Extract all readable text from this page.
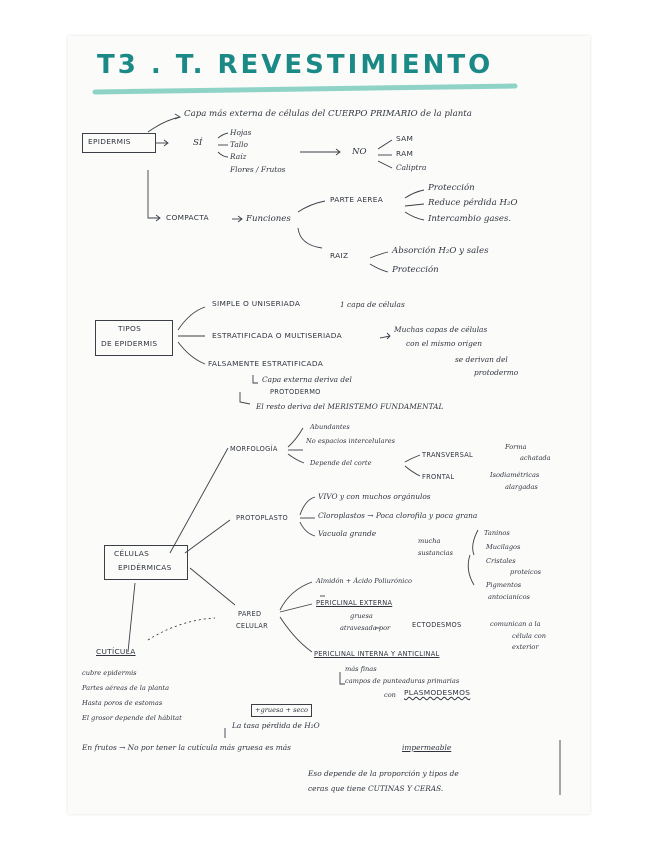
T3 . T. REVESTIMIENTO
EPIDERMIS
Capa más externa de células del CUERPO PRIMARIO de la planta
SÍ
Hojas
Tallo
Raíz
Flores / Frutos
NO
SAM
RAM
Caliptra
COMPACTA	Funciones
PARTE AEREA
Protección
Reduce pérdida H₂O
Intercambio gases.
RAIZ	Absorción H₂O y sales
Protección
TIPOS
DE EPIDERMIS
SIMPLE O UNISERIADA	1 capa de células
ESTRATIFICADA O MULTISERIADA
Muchas capas de células
con el mismo origen
se derivan del
protodermo
FALSAMENTE ESTRATIFICADA
Capa externa deriva del
PROTODERMO
El resto deriva del MERISTEMO FUNDAMENTAL
CÉLULAS
EPIDÉRMICAS
MORFOLOGÍA
Abundantes
No espacios intercelulares
Depende del corte
TRANSVERSAL
Forma
achatada
FRONTAL	Isodiamétricas
alargadas
PROTOPLASTO
VIVO y con muchos orgánulos
Cloroplastos → Poca clorofila y poca grana
Vacuola grande
mucha
sustancias
Taninos
Mucilagos
Cristales
proteicos
Pigmentos
antocianicos
PARED
CELULAR
Almidón + Ácido Poliurónico
PERICLINAL EXTERNA
gruesa
atravesada por	ECTODESMOS	comunican a la
célula con
exterior
PERICLINAL INTERNA Y ANTICLINAL
más finas
campos de punteaduras primarias
con PLASMODESMOS
CUTÍCULA
cubre epidermis
Partes aéreas de la planta
Hasta poros de estomas
El grosor depende del hábitat
+gruesa + seco
La tasa pérdida de H₂O
En frutos → No por tener la cutícula más gruesa es más	impermeable
Eso depende de la proporción y tipos de
ceras que tiene CUTINAS Y CERAS.
